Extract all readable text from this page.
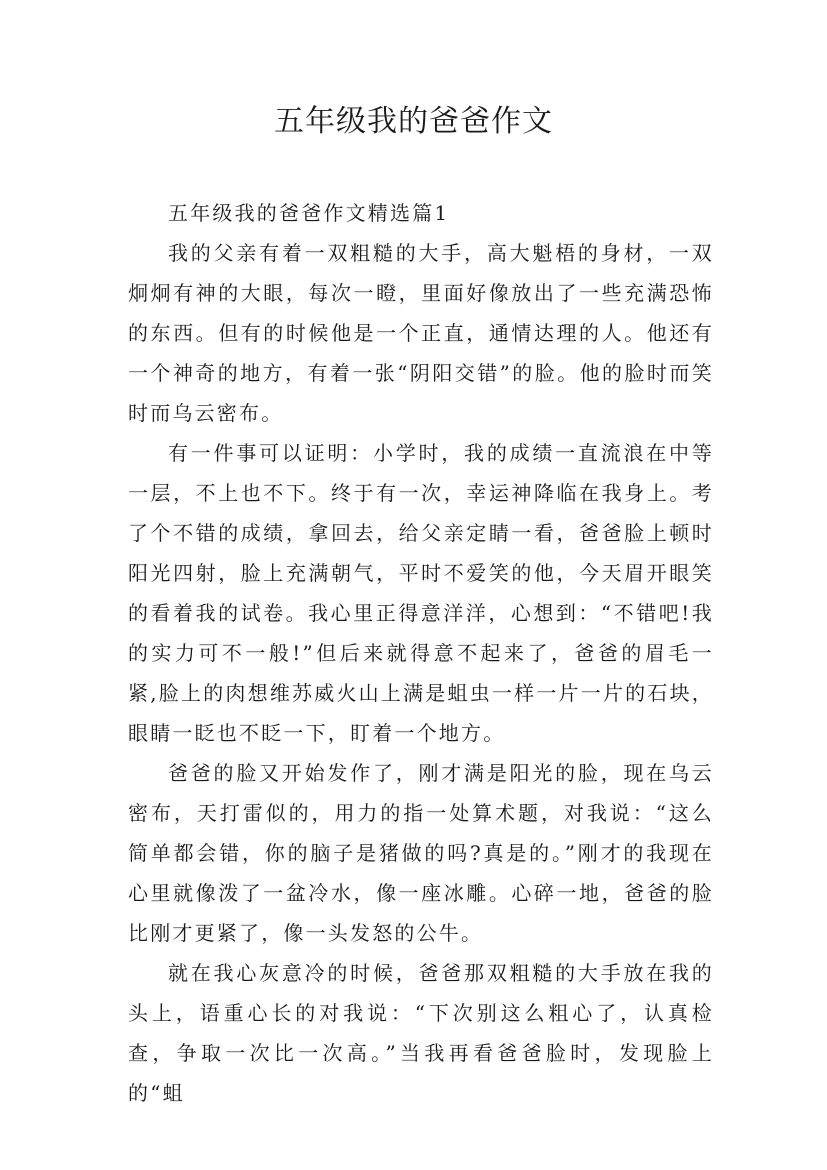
五年级我的爸爸作文

五年级我的爸爸作文精选篇1

我的父亲有着一双粗糙的大手，高大魁梧的身材，一双炯炯有神的大眼，每次一瞪，里面好像放出了一些充满恐怖的东西。但有的时候他是一个正直，通情达理的人。他还有一个神奇的地方，有着一张“阴阳交错”的脸。他的脸时而笑时而乌云密布。

有一件事可以证明：小学时，我的成绩一直流浪在中等一层，不上也不下。终于有一次，幸运神降临在我身上。考了个不错的成绩，拿回去，给父亲定睛一看，爸爸脸上顿时阳光四射，脸上充满朝气，平时不爱笑的他，今天眉开眼笑的看着我的试卷。我心里正得意洋洋，心想到：“不错吧!我的实力可不一般!”但后来就得意不起来了，爸爸的眉毛一紧,脸上的肉想维苏威火山上满是蛆虫一样一片一片的石块，眼睛一眨也不眨一下，盯着一个地方。

爸爸的脸又开始发作了，刚才满是阳光的脸，现在乌云密布，天打雷似的，用力的指一处算术题，对我说：“这么简单都会错，你的脑子是猪做的吗?真是的。”刚才的我现在心里就像泼了一盆冷水，像一座冰雕。心碎一地，爸爸的脸比刚才更紧了，像一头发怒的公牛。

就在我心灰意冷的时候，爸爸那双粗糙的大手放在我的头上，语重心长的对我说：“下次别这么粗心了，认真检查，争取一次比一次高。”当我再看爸爸脸时，发现脸上的“蛆
